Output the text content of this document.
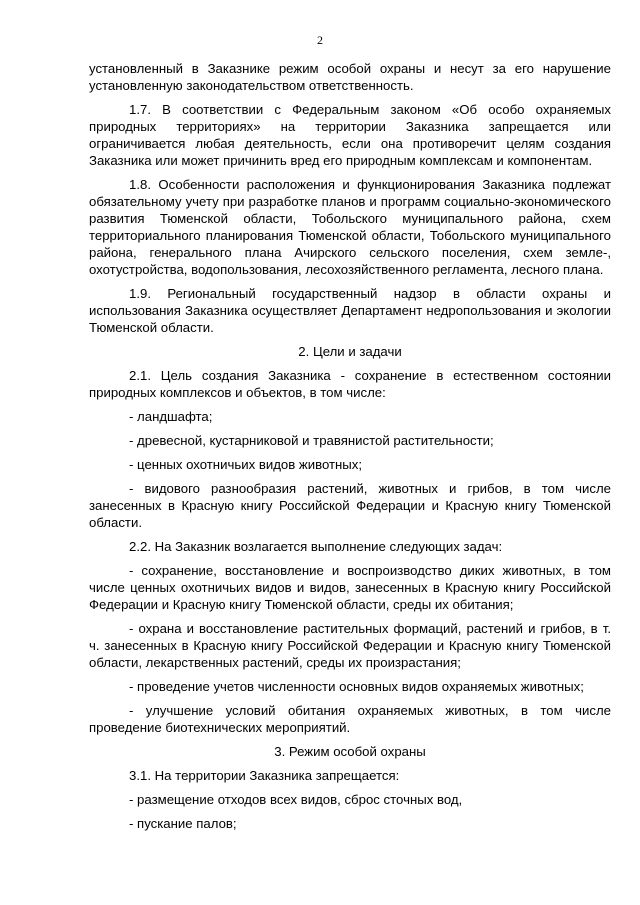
2

установленный в Заказнике режим особой охраны и несут за его нарушение установленную законодательством ответственность.

1.7. В соответствии с Федеральным законом «Об особо охраняемых природных территориях» на территории Заказника запрещается или ограничивается любая деятельность, если она противоречит целям создания Заказника или может причинить вред его природным комплексам и компонентам.

1.8. Особенности расположения и функционирования Заказника подлежат обязательному учету при разработке планов и программ социально-экономического развития Тюменской области, Тобольского муниципального района, схем территориального планирования Тюменской области, Тобольского муниципального района, генерального плана Ачирского сельского поселения, схем земле-, охотустройства, водопользования, лесохозяйственного регламента, лесного плана.

1.9. Региональный государственный надзор в области охраны и использования Заказника осуществляет Департамент недропользования и экологии Тюменской области.

2. Цели и задачи

2.1. Цель создания Заказника - сохранение в естественном состоянии природных комплексов и объектов, в том числе:

- ландшафта;

- древесной, кустарниковой и травянистой растительности;

- ценных охотничьих видов животных;

- видового разнообразия растений, животных и грибов, в том числе занесенных в Красную книгу Российской Федерации и Красную книгу Тюменской области.

2.2. На Заказник возлагается выполнение следующих задач:

- сохранение, восстановление и воспроизводство диких животных, в том числе ценных охотничьих видов и видов, занесенных в Красную книгу Российской Федерации и Красную книгу Тюменской области, среды их обитания;

- охрана и восстановление растительных формаций, растений и грибов, в т. ч. занесенных в Красную книгу Российской Федерации и Красную книгу Тюменской области, лекарственных растений, среды их произрастания;

- проведение учетов численности основных видов охраняемых животных;

- улучшение условий обитания охраняемых животных, в том числе проведение биотехнических мероприятий.

3. Режим особой охраны

3.1. На территории Заказника запрещается:

- размещение отходов всех видов, сброс сточных вод,

- пускание палов;
